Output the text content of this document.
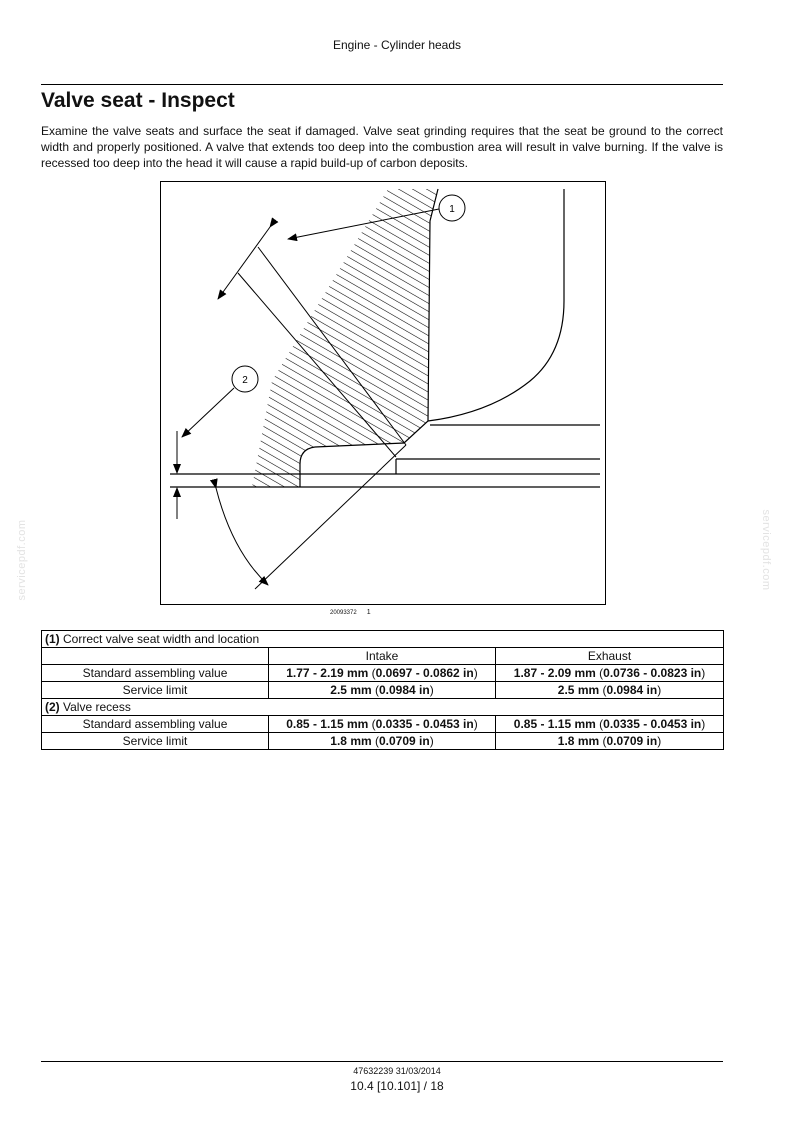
Engine - Cylinder heads
Valve seat - Inspect

Examine the valve seats and surface the seat if damaged. Valve seat grinding requires that the seat be ground to the correct width and properly positioned. A valve that extends too deep into the combustion area will result in valve burning. If the valve is recessed too deep into the head it will cause a rapid build-up of carbon deposits.

1
2
20093372 1
servicepdf.com	servicepdf.com
(1) Correct valve seat width and location		
	Intake	Exhaust
Standard assembling value	1.77 - 2.19 mm (0.0697 - 0.0862 in)	1.87 - 2.09 mm (0.0736 - 0.0823 in)
Service limit	2.5 mm (0.0984 in)	2.5 mm (0.0984 in)
(2) Valve recess		
Standard assembling value	0.85 - 1.15 mm (0.0335 - 0.0453 in)	0.85 - 1.15 mm (0.0335 - 0.0453 in)
Service limit	1.8 mm (0.0709 in)	1.8 mm (0.0709 in)
47632239 31/03/2014
10.4 [10.101] / 18
